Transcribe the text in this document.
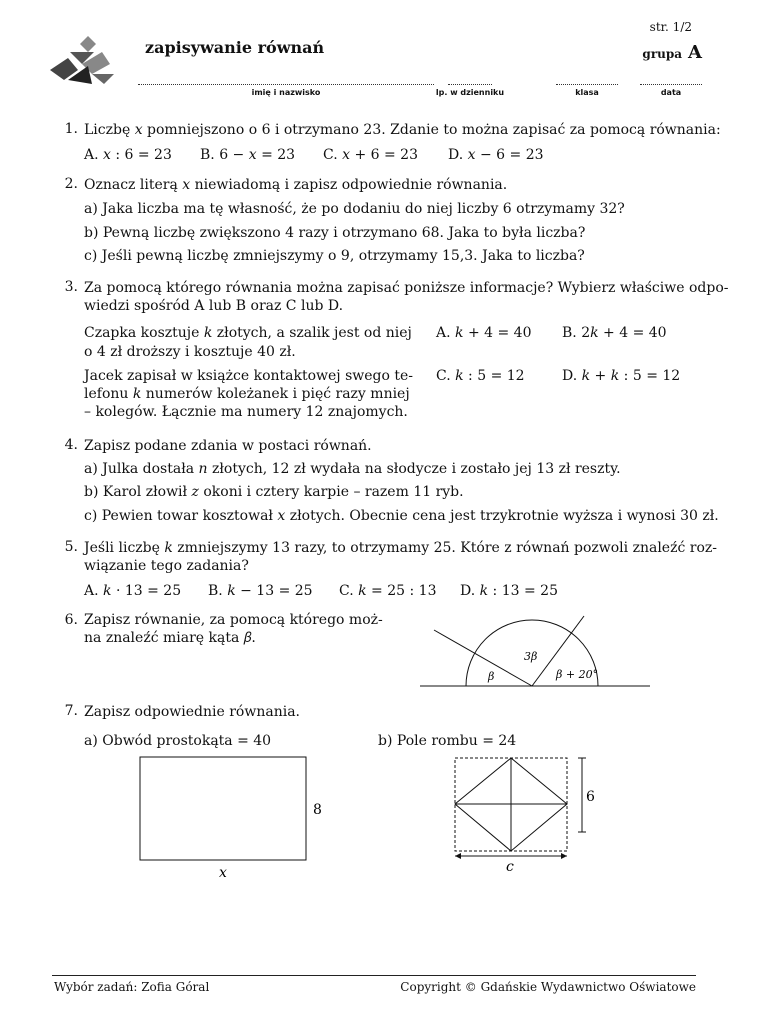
zapisywanie równań
str. 1/2
grupa A
imię i nazwisko	lp. w dzienniku	klasa	data
1. Liczbę 𝑥 pomniejszono o 6 i otrzymano 23. Zdanie to można zapisać za pomocą równania:
A. 𝑥 : 6 = 23 B. 6 − 𝑥 = 23 C. 𝑥 + 6 = 23 D. 𝑥 − 6 = 23
2. Oznacz literą 𝑥 niewiadomą i zapisz odpowiednie równania.
a) Jaka liczba ma tę własność, że po dodaniu do niej liczby 6 otrzymamy 32?
b) Pewną liczbę zwiększono 4 razy i otrzymano 68. Jaka to była liczba?
c) Jeśli pewną liczbę zmniejszymy o 9, otrzymamy 15,3. Jaka to liczba?
3. Za pomocą którego równania można zapisać poniższe informacje? Wybierz właściwe odpo-
wiedzi spośród A lub B oraz C lub D.
Czapka kosztuje 𝑘 złotych, a szalik jest od niej
o 4 zł droższy i kosztuje 40 zł.
A. 𝑘 + 4 = 40 B. 2𝑘 + 4 = 40
Jacek zapisał w książce kontaktowej swego te-
lefonu 𝑘 numerów koleżanek i pięć razy mniej
– kolegów. Łącznie ma numery 12 znajomych.
C. 𝑘 : 5 = 12	D. 𝑘 + 𝑘 : 5 = 12
4. Zapisz podane zdania w postaci równań.
a) Julka dostała 𝑛 złotych, 12 zł wydała na słodycze i zostało jej 13 zł reszty.
b) Karol złowił 𝑧 okoni i cztery karpie – razem 11 ryb.
c) Pewien towar kosztował 𝑥 złotych. Obecnie cena jest trzykrotnie wyższa i wynosi 30 zł.
5. Jeśli liczbę 𝑘 zmniejszymy 13 razy, to otrzymamy 25. Które z równań pozwoli znaleźć roz-
wiązanie tego zadania?
A. 𝑘 · 13 = 25 B. 𝑘 − 13 = 25 C. 𝑘 = 25 : 13 D. 𝑘 : 13 = 25
6. Zapisz równanie, za pomocą którego moż-
na znaleźć miarę kąta 𝛽.
3β
β	β + 20°
7. Zapisz odpowiednie równania.
a) Obwód prostokąta = 40	b) Pole rombu = 24
8
x
6
c
Wybór zadań: Zofia Góral	Copyright © Gdańskie Wydawnictwo Oświatowe
